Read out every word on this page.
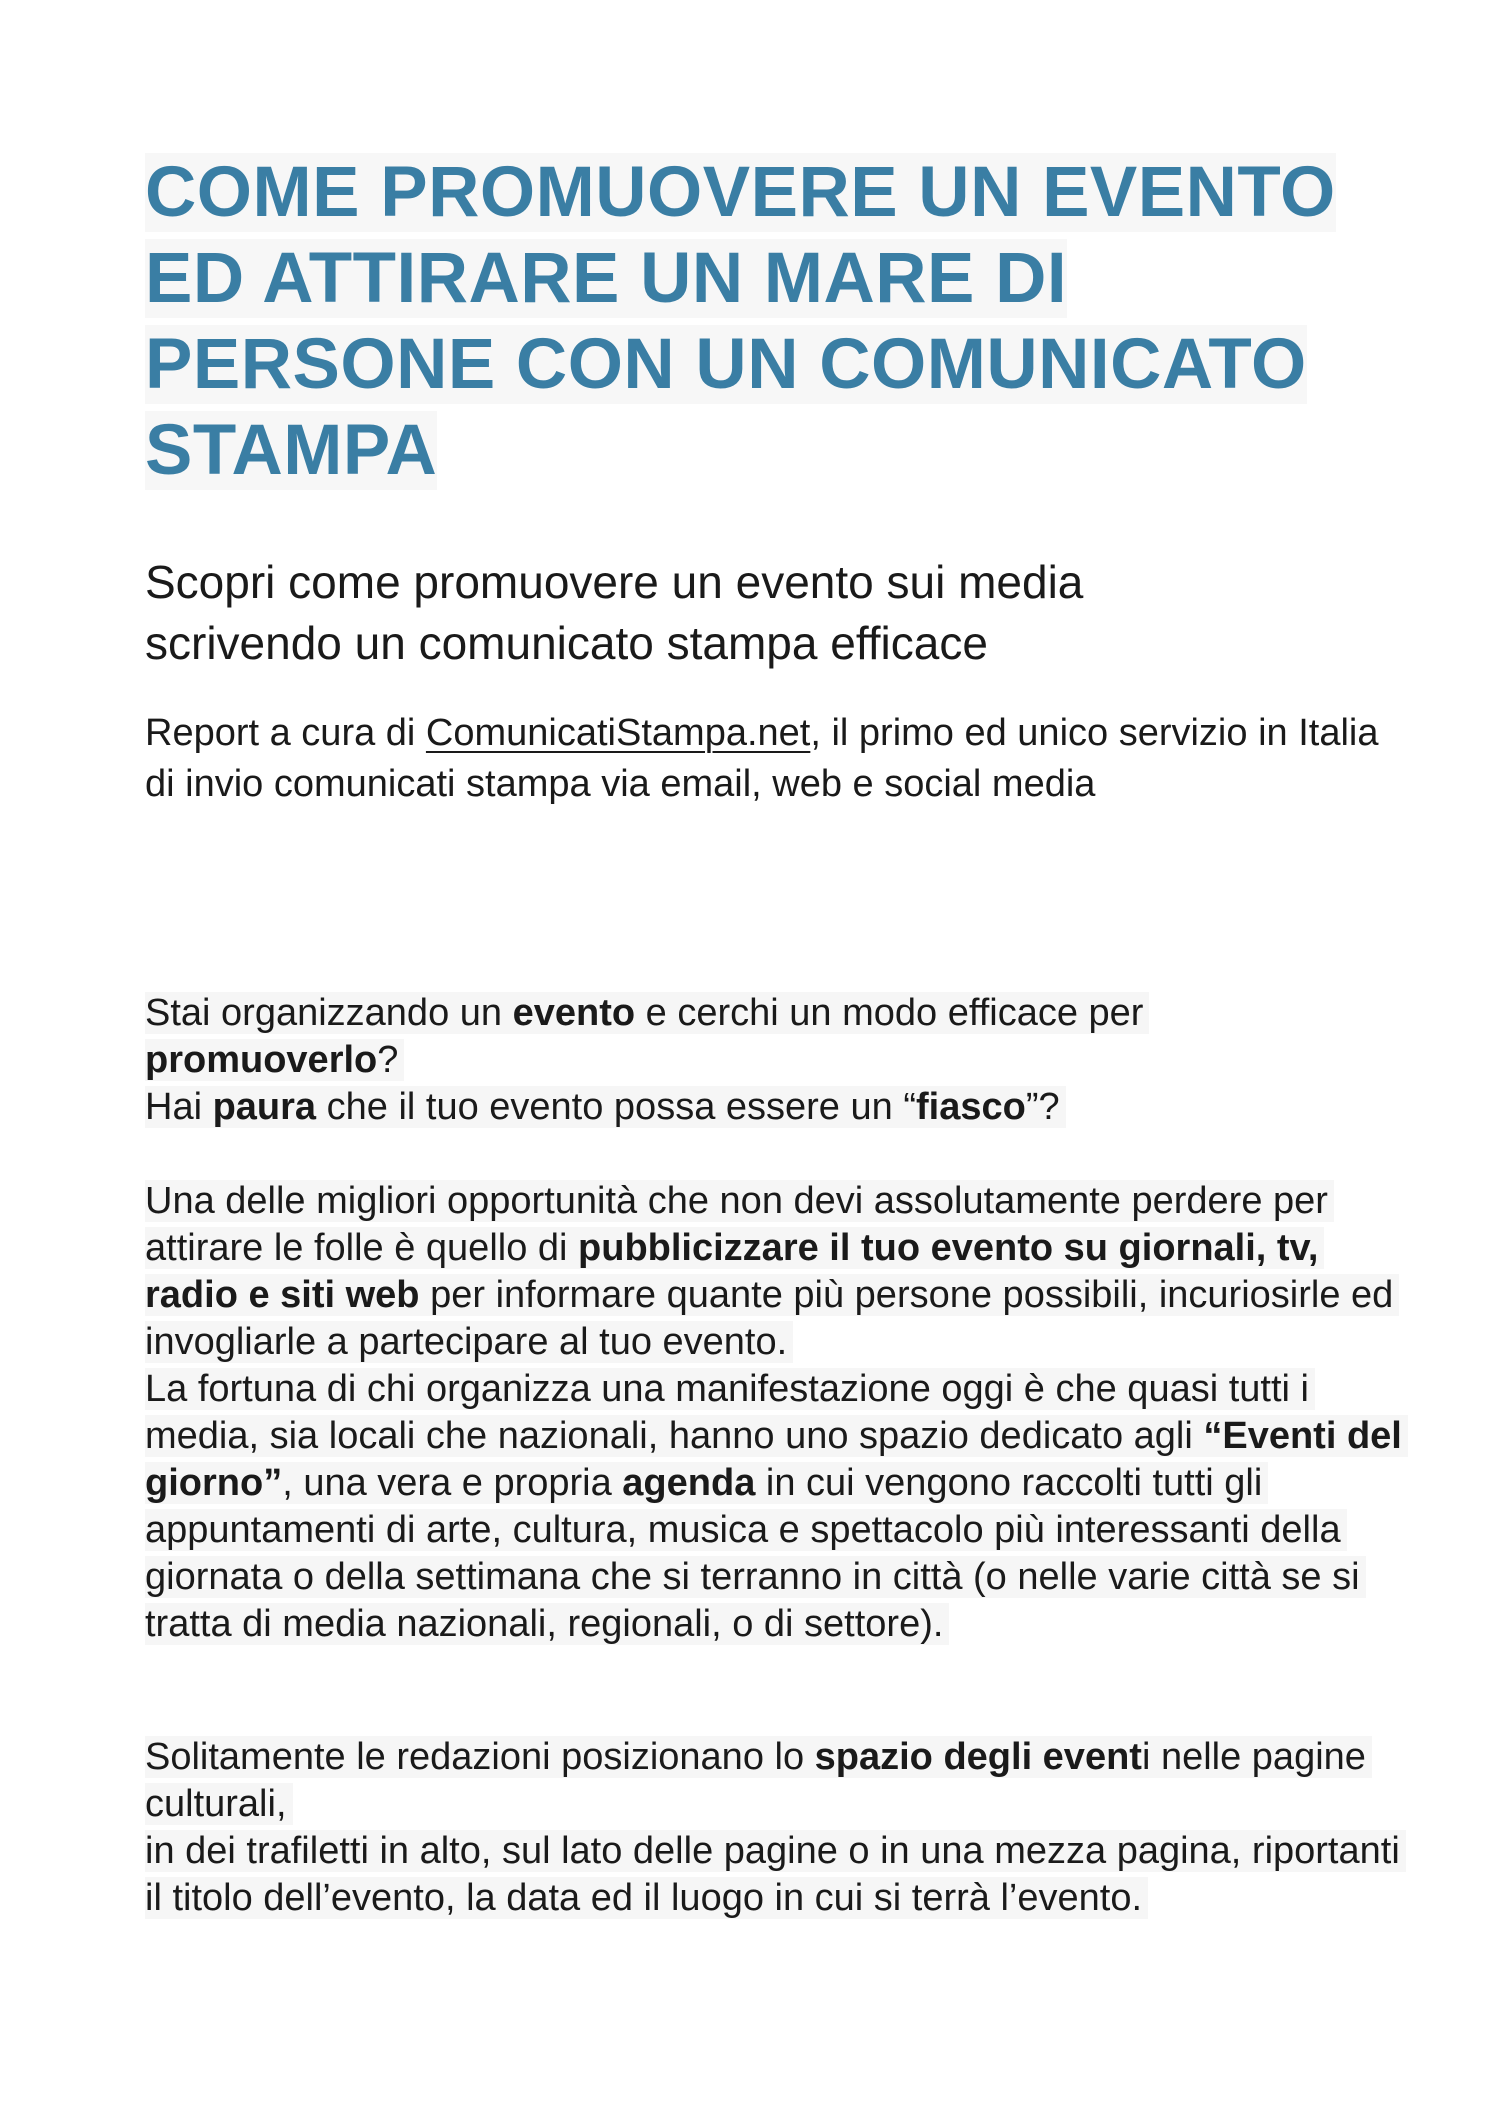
COME PROMUOVERE UN EVENTO
ED ATTIRARE UN MARE DI
PERSONE CON UN COMUNICATO
STAMPA
Scopri come promuovere un evento sui media
scrivendo un comunicato stampa efficace

Report a cura di ComunicatiStampa.net, il primo ed unico servizio in Italia di invio comunicati stampa via email, web e social media

Stai organizzando un evento e cerchi un modo efficace per
promuoverlo?
Hai paura che il tuo evento possa essere un “fiasco”?

Una delle migliori opportunità che non devi assolutamente perdere per attirare le folle è quello di pubblicizzare il tuo evento su giornali, tv, radio e siti web per informare quante più persone possibili, incuriosirle ed invogliarle a partecipare al tuo evento.
La fortuna di chi organizza una manifestazione oggi è che quasi tutti i media, sia locali che nazionali, hanno uno spazio dedicato agli “Eventi del giorno”, una vera e propria agenda in cui vengono raccolti tutti gli appuntamenti di arte, cultura, musica e spettacolo più interessanti della giornata o della settimana che si terranno in città (o nelle varie città se si tratta di media nazionali, regionali, o di settore).

Solitamente le redazioni posizionano lo spazio degli eventi nelle pagine culturali,
in dei trafiletti in alto, sul lato delle pagine o in una mezza pagina, riportanti il titolo dell’evento, la data ed il luogo in cui si terrà l’evento.
